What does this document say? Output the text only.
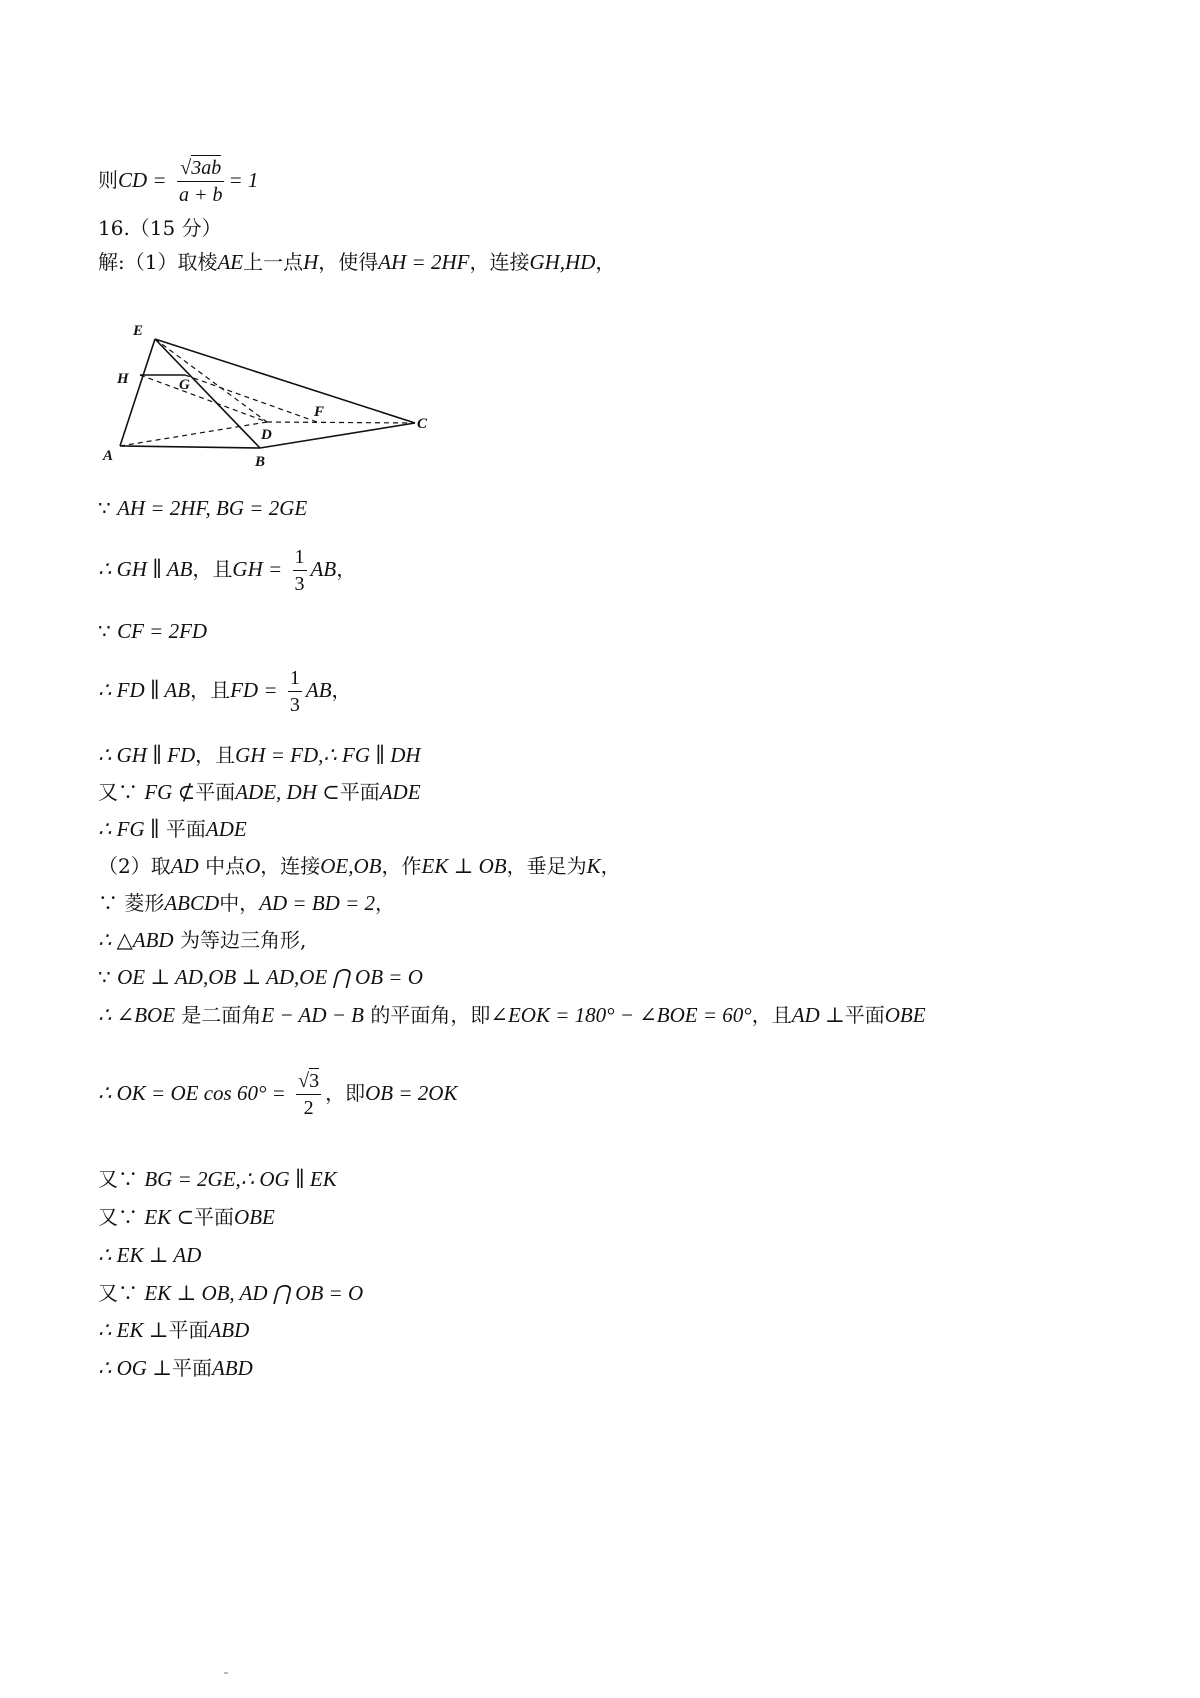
则CD = $\frac{√3ab}{a + b} = 1$
16.（15 分）
解:（1）取棱AE上一点H，使得AH = 2HF，连接GH,HD，
E
H	G
F
D
C
A	B
∵ AH = 2HF, BG = 2GE
∴ GH ∥ AB，且GH = $\frac{1}{3}$ AB，
∵ CF = 2FD
∴ FD ∥ AB，且FD = $\frac{1}{3}$ AB，
∴ GH ∥ FD，且GH = FD,∴ FG ∥ DH
又∵ FG ⊄平面ADE, DH ⊂平面ADE
∴ FG ∥ 平面ADE
（2）取AD 中点O，连接OE,OB，作EK ⊥ OB，垂足为K，
∵ 菱形ABCD中，AD = BD = 2，
∴ △ABD 为等边三角形,
∵ OE ⊥ AD,OB ⊥ AD,OE ⋂ OB = O
∴ ∠BOE 是二面角E − AD − B 的平面角，即∠EOK = 180° − ∠BOE = 60°，且AD ⊥平面OBE
∴ OK = OE $\cos 60^\circ = \frac{√3}{2}$ ，即OB = 2OK
又∵ BG = 2GE,∴ OG ∥ EK
又∵ EK ⊂平面OBE
∴ EK ⊥ AD
又∵ EK ⊥ OB, AD ⋂ OB = O
∴ EK ⊥平面ABD
∴ OG ⊥平面ABD
